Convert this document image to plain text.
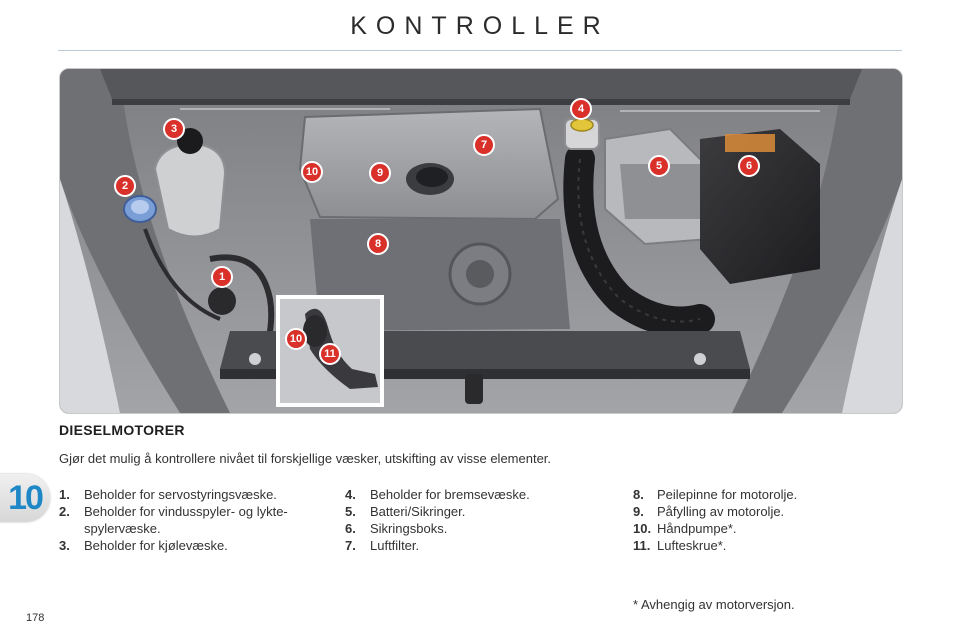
KONTROLLER
1
2
3
4
5	6
7
8
9
10
10
11
DIESELMOTORER
Gjør det mulig å kontrollere nivået til forskjellige væsker, utskifting av visse elementer.
10	1.	Beholder for servostyringsvæske.
2.	Beholder for vindusspyler- og lykte-spylervæske.
3.	Beholder for kjølevæske.
4.	Beholder for bremsevæske.
5.	Batteri/Sikringer.
6.	Sikringsboks.
7.	Luftfilter.
8.	Peilepinne for motorolje.
9.	Påfylling av motorolje.
10. Håndpumpe*.
11. Lufteskrue*.
* Avhengig av motorversjon.
178
